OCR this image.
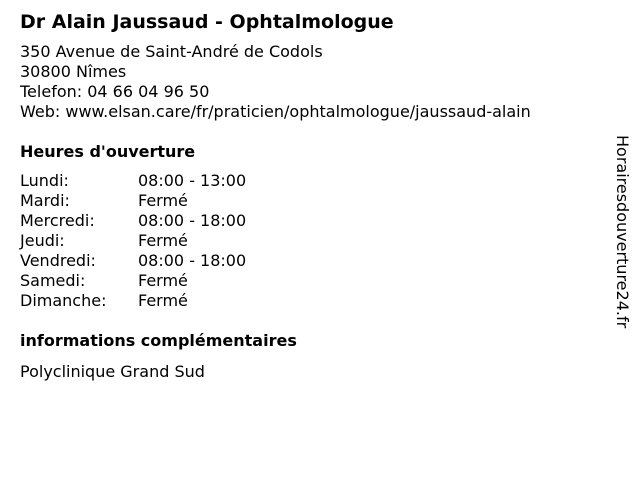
Dr Alain Jaussaud - Ophtalmologue
350 Avenue de Saint-André de Codols
30800 Nîmes
Telefon: 04 66 04 96 50
Web: www.elsan.care/fr/praticien/ophtalmologue/jaussaud-alain
Heures d'ouverture
Lundi:	08:00 - 13:00
Mardi:	Fermé
Mercredi:	08:00 - 18:00
Jeudi:	Fermé
Vendredi:	08:00 - 18:00
Samedi:	Fermé
Dimanche:	Fermé
informations complémentaires
Polyclinique Grand Sud
Horairesdouverture24.fr
